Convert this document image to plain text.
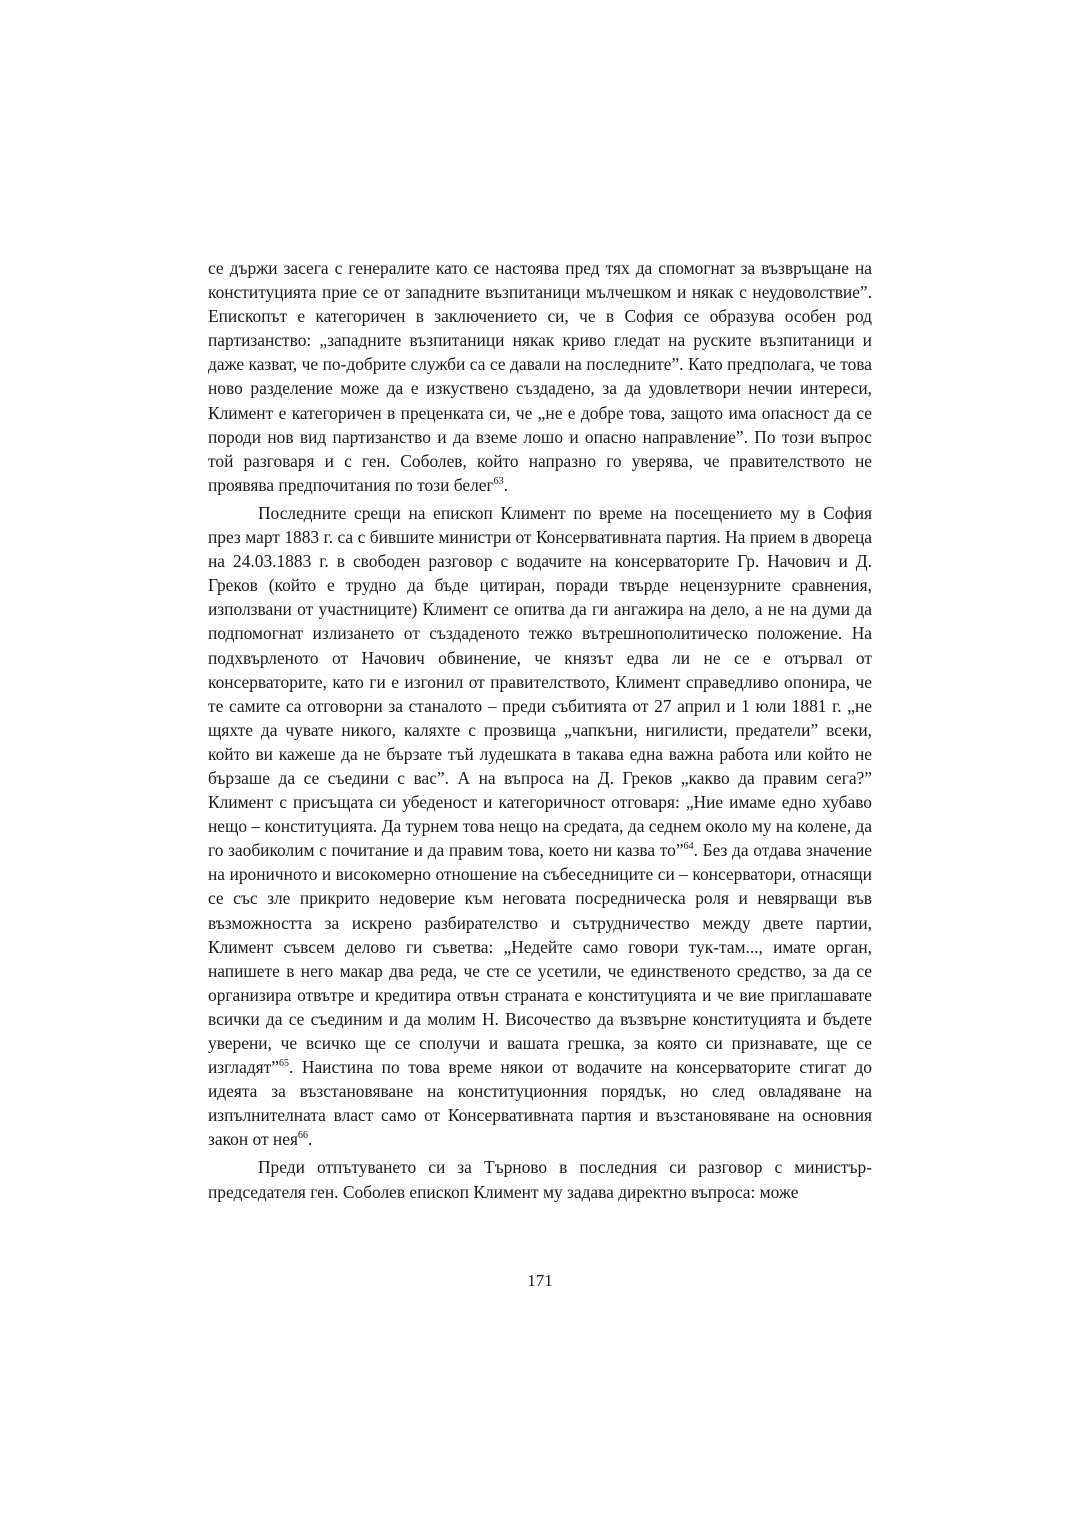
се държи засега с генералите като се настоява пред тях да спомогнат за възвръщане на конституцията прие се от западните възпитаници мълчешком и някак с неудоволствие”. Епископът е категоричен в заключението си, че в София се образува особен род партизанство: „западните възпитаници някак криво гледат на руските възпитаници и даже казват, че по-добрите служби са се давали на последните”. Като предполага, че това ново разделение може да е изкуствено създадено, за да удовлетвори нечии интереси, Климент е категоричен в преценката си, че „не е добре това, защото има опасност да се породи нов вид партизанство и да вземе лошо и опасно направление”. По този въпрос той разговаря и с ген. Соболев, който напразно го уверява, че правителството не проявява предпочитания по този белег$^{63}$.

Последните срещи на епископ Климент по време на посещението му в София през март 1883 г. са с бившите министри от Консервативната партия. На прием в двореца на 24.03.1883 г. в свободен разговор с водачите на консерваторите Гр. Начович и Д. Греков (който е трудно да бъде цитиран, поради твърде нецензурните сравнения, използвани от участниците) Климент се опитва да ги ангажира на дело, а не на думи да подпомогнат излизането от създаденото тежко вътрешнополитическо положение. На подхвърленото от Начович обвинение, че князът едва ли не се е отървал от консерваторите, като ги е изгонил от правителството, Климент справедливо опонира, че те самите са отговорни за станалото – преди събитията от 27 април и 1 юли 1881 г. „не щяхте да чувате никого, каляхте с прозвища „чапкъни, нигилисти, предатели” всеки, който ви кажеше да не бързате тъй лудешката в такава една важна работа или който не бързаше да се съедини с вас”. А на въпроса на Д. Греков „какво да правим сега?” Климент с присъщата си убеденост и категоричност отговаря: „Ние имаме едно хубаво нещо – конституцията. Да турнем това нещо на средата, да седнем около му на колене, да го заобиколим с почитание и да правим това, което ни казва то”$^{64}$. Без да отдава значение на ироничното и високомерно отношение на събеседниците си – консерватори, отнасящи се със зле прикрито недоверие към неговата посредническа роля и невярващи във възможността за искрено разбирателство и сътрудничество между двете партии, Климент съвсем делово ги съветва: „Недейте само говори тук-там..., имате орган, напишете в него макар два реда, че сте се усетили, че единственото средство, за да се организира отвътре и кредитира отвън страната е конституцията и че вие приглашавате всички да се съединим и да молим Н. Височество да възвърне конституцията и бъдете уверени, че всичко ще се сполучи и вашата грешка, за която си признавате, ще се изгладят”$^{65}$. Наистина по това време някои от водачите на консерваторите стигат до идеята за възстановяване на конституционния порядък, но след овладяване на изпълнителната власт само от Консервативната партия и възстановяване на основния закон от нея$^{66}$.

Преди отпътуването си за Търново в последния си разговор с министър-председателя ген. Соболев епископ Климент му задава директно въпроса: може

171
